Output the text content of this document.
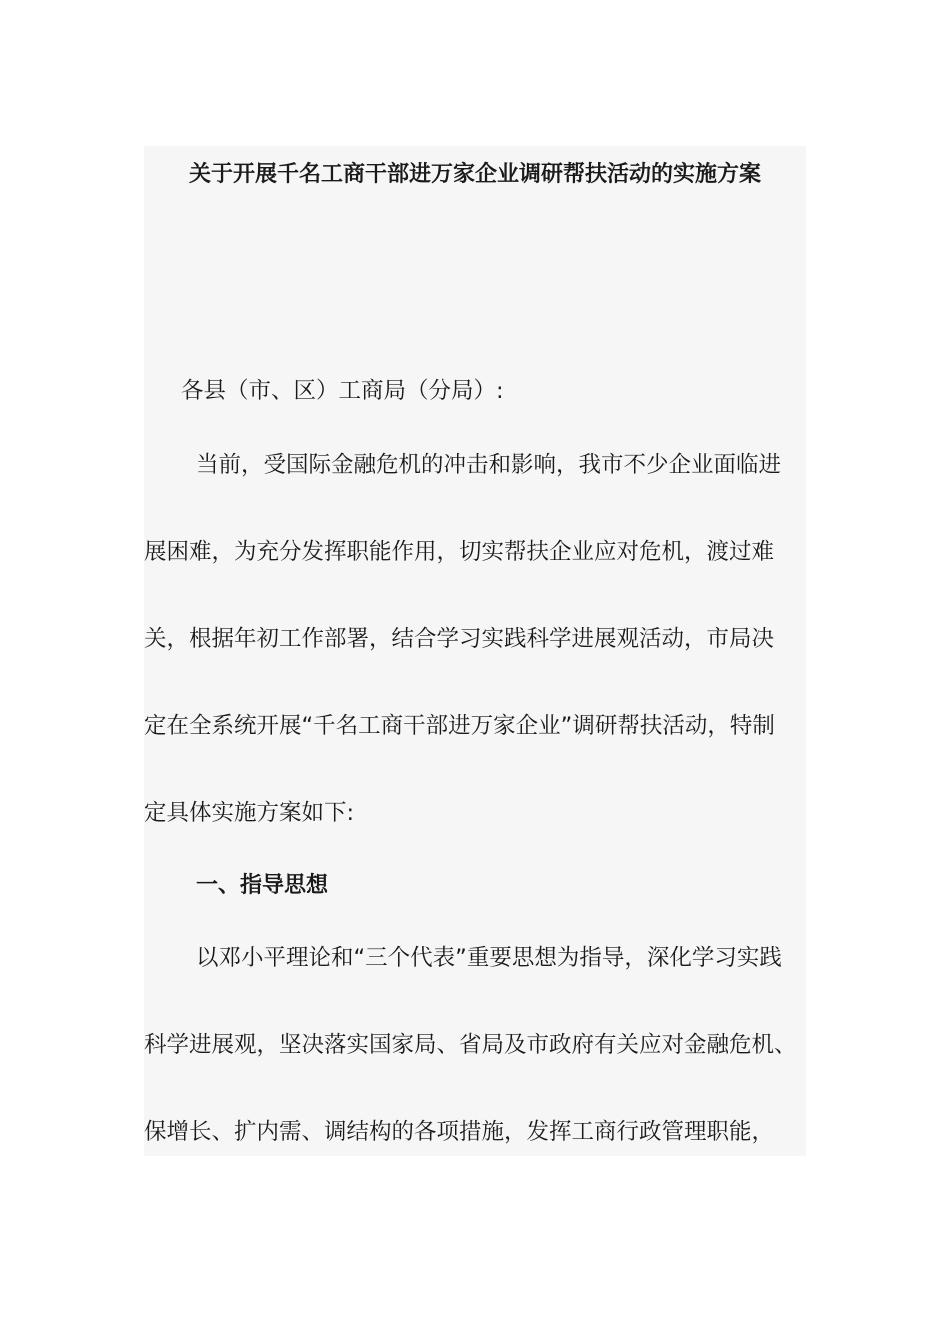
关于开展千名工商干部进万家企业调研帮扶活动的实施方案
各县（市、区）工商局（分局）:
当前，受国际金融危机的冲击和影响，我市不少企业面临进
展困难，为充分发挥职能作用，切实帮扶企业应对危机，渡过难
关，根据年初工作部署，结合学习实践科学进展观活动，市局决
定在全系统开展“千名工商干部进万家企业”调研帮扶活动，特制
定具体实施方案如下:
一、指导思想
以邓小平理论和“三个代表”重要思想为指导，深化学习实践
科学进展观，坚决落实国家局、省局及市政府有关应对金融危机、
保增长、扩内需、调结构的各项措施，发挥工商行政管理职能，
